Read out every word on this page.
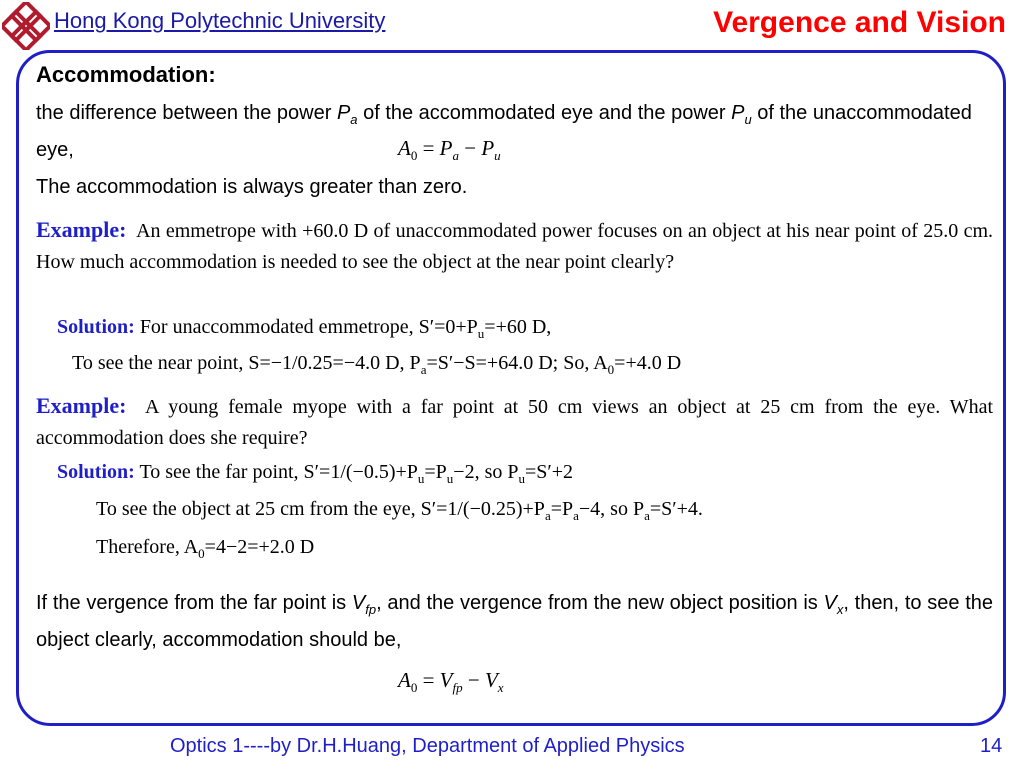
Hong Kong Polytechnic University	Vergence and Vision
Accommodation:
the difference between the power $P_a$ of the accommodated eye and the power $P_u$ of the unaccommodated eye,	$A_0 = P_a - P_u$
The accommodation is always greater than zero.
Example: An emmetrope with +60.0 D of unaccommodated power focuses on an object at his near point of 25.0 cm. How much accommodation is needed to see the object at the near point clearly?
Solution: For unaccommodated emmetrope, $S'=0+P_u=+60$ D,
To see the near point, S=−1/0.25=−4.0 D, $P_a=S'-S=+64.0$ D; So, $A_0=+4.0$ D
Example: A young female myope with a far point at 50 cm views an object at 25 cm from the eye. What accommodation does she require?
Solution: To see the far point, $S'=1/(-0.5)+P_u=P_u-2$, so $P_u=S'+2$
To see the object at 25 cm from the eye, $S'=1/(-0.25)+P_a=P_a-4$, so $P_a=S'+4$.
Therefore, $A_0=4-2=+2.0$ D
If the vergence from the far point is $V_{fp}$, and the vergence from the new object position is $V_x$, then, to see the object clearly, accommodation should be,
$A_0 = V_{fp} - V_x$
Optics 1----by Dr.H.Huang, Department of Applied Physics	14
